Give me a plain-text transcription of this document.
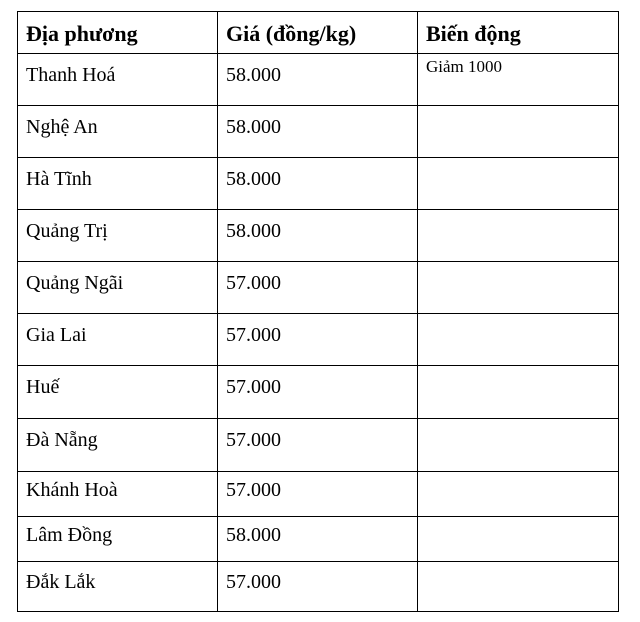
Địa phương	Giá (đồng/kg)	Biến động
Thanh Hoá	58.000	Giảm 1000
Nghệ An	58.000	
Hà Tĩnh	58.000	
Quảng Trị	58.000	
Quảng Ngãi	57.000	
Gia Lai	57.000	
Huế	57.000	
Đà Nẵng	57.000	
Khánh Hoà	57.000	
Lâm Đồng	58.000	
Đắk Lắk	57.000	
